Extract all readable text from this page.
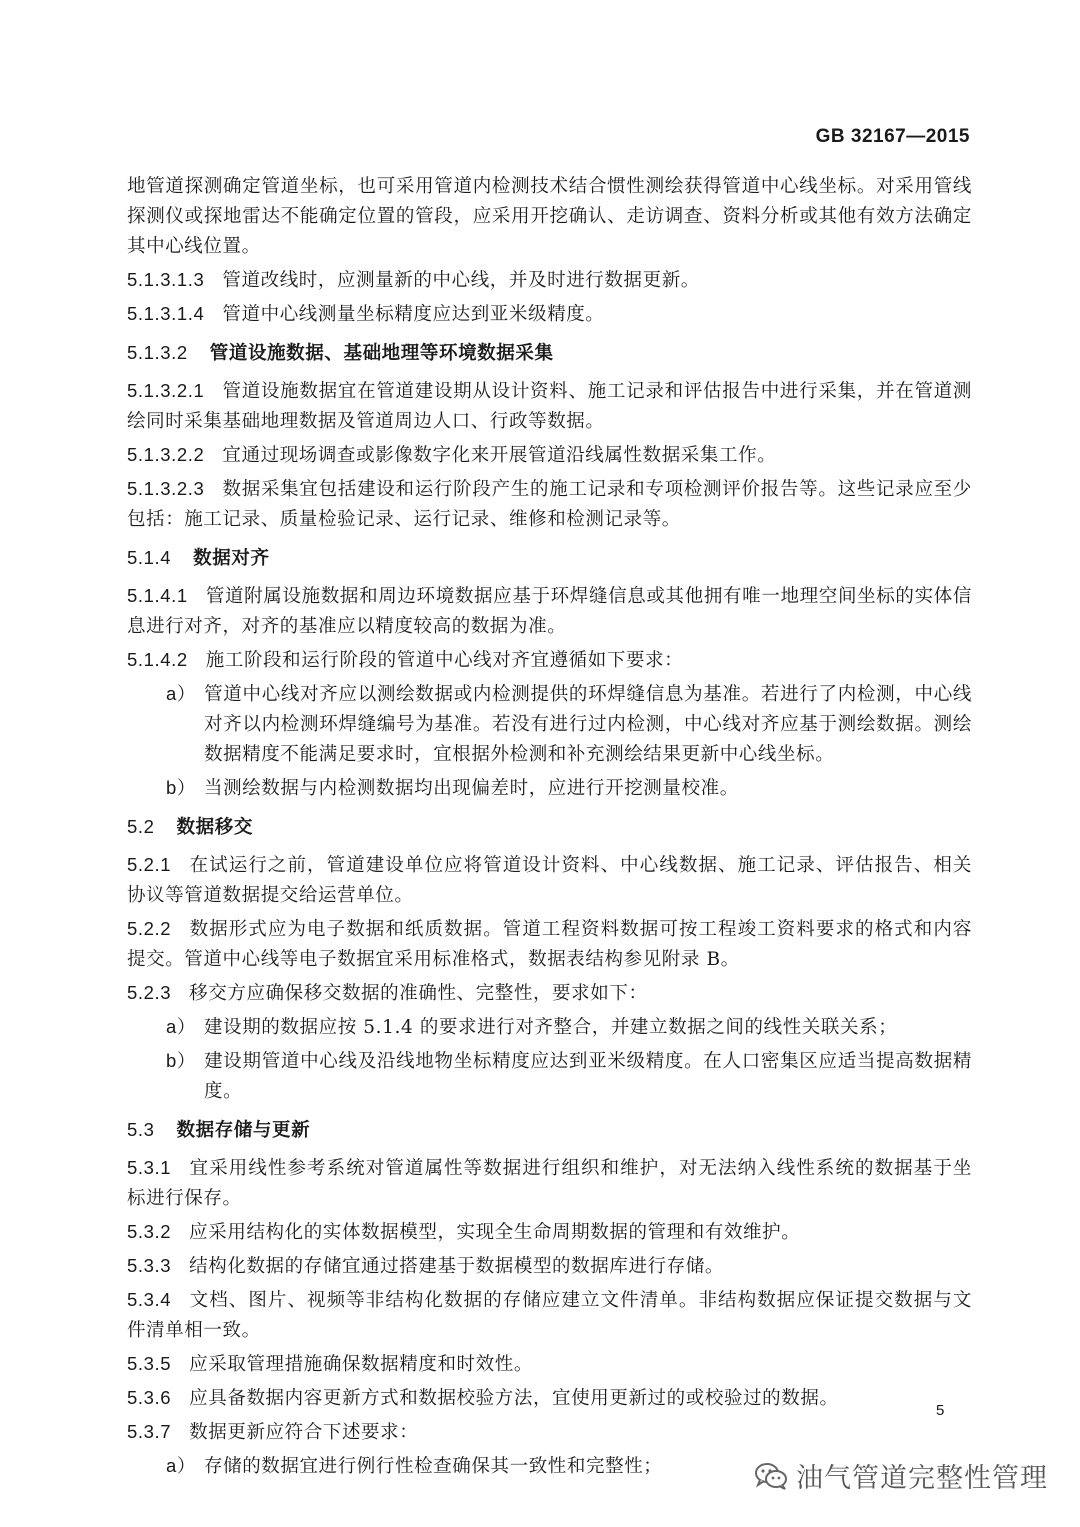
GB 32167—2015
地管道探测确定管道坐标，也可采用管道内检测技术结合惯性测绘获得管道中心线坐标。对采用管线探测仪或探地雷达不能确定位置的管段，应采用开挖确认、走访调查、资料分析或其他有效方法确定其中心线位置。
5.1.3.1.3 管道改线时，应测量新的中心线，并及时进行数据更新。
5.1.3.1.4 管道中心线测量坐标精度应达到亚米级精度。
5.1.3.2 管道设施数据、基础地理等环境数据采集
5.1.3.2.1 管道设施数据宜在管道建设期从设计资料、施工记录和评估报告中进行采集，并在管道测绘同时采集基础地理数据及管道周边人口、行政等数据。
5.1.3.2.2 宜通过现场调查或影像数字化来开展管道沿线属性数据采集工作。
5.1.3.2.3 数据采集宜包括建设和运行阶段产生的施工记录和专项检测评价报告等。这些记录应至少包括：施工记录、质量检验记录、运行记录、维修和检测记录等。
5.1.4 数据对齐
5.1.4.1 管道附属设施数据和周边环境数据应基于环焊缝信息或其他拥有唯一地理空间坐标的实体信息进行对齐，对齐的基准应以精度较高的数据为准。
5.1.4.2 施工阶段和运行阶段的管道中心线对齐宜遵循如下要求：
a） 管道中心线对齐应以测绘数据或内检测提供的环焊缝信息为基准。若进行了内检测，中心线对齐以内检测环焊缝编号为基准。若没有进行过内检测，中心线对齐应基于测绘数据。测绘数据精度不能满足要求时，宜根据外检测和补充测绘结果更新中心线坐标。
b） 当测绘数据与内检测数据均出现偏差时，应进行开挖测量校准。
5.2 数据移交
5.2.1 在试运行之前，管道建设单位应将管道设计资料、中心线数据、施工记录、评估报告、相关协议等管道数据提交给运营单位。
5.2.2 数据形式应为电子数据和纸质数据。管道工程资料数据可按工程竣工资料要求的格式和内容提交。管道中心线等电子数据宜采用标准格式，数据表结构参见附录 B。
5.2.3 移交方应确保移交数据的准确性、完整性，要求如下：
a） 建设期的数据应按 5.1.4 的要求进行对齐整合，并建立数据之间的线性关联关系；
b） 建设期管道中心线及沿线地物坐标精度应达到亚米级精度。在人口密集区应适当提高数据精度。
5.3 数据存储与更新
5.3.1 宜采用线性参考系统对管道属性等数据进行组织和维护，对无法纳入线性系统的数据基于坐标进行保存。
5.3.2 应采用结构化的实体数据模型，实现全生命周期数据的管理和有效维护。
5.3.3 结构化数据的存储宜通过搭建基于数据模型的数据库进行存储。
5.3.4 文档、图片、视频等非结构化数据的存储应建立文件清单。非结构数据应保证提交数据与文件清单相一致。
5.3.5 应采取管理措施确保数据精度和时效性。
5.3.6 应具备数据内容更新方式和数据校验方法，宜使用更新过的或校验过的数据。
5.3.7 数据更新应符合下述要求：
a） 存储的数据宜进行例行性检查确保其一致性和完整性；
5
油气管道完整性管理
